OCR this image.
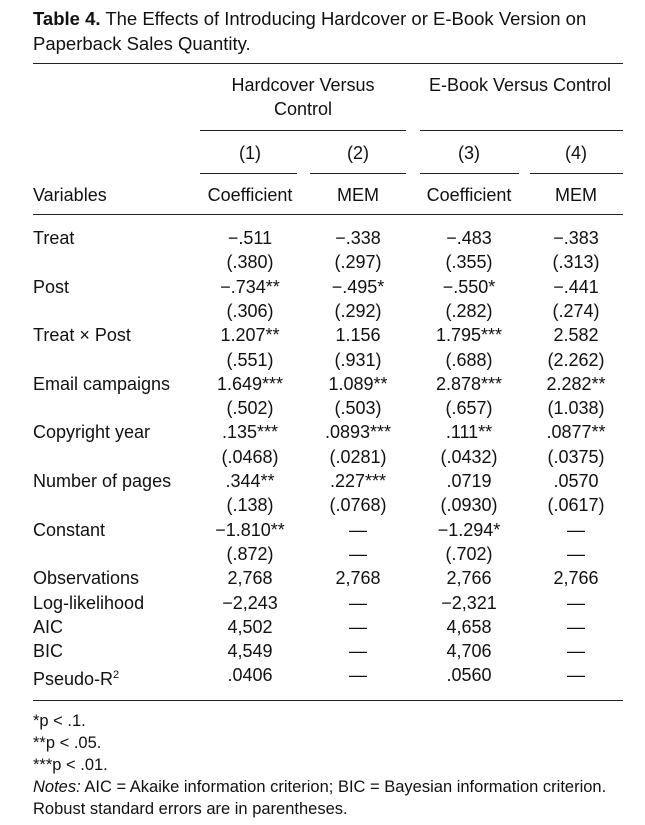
Table 4. The Effects of Introducing Hardcover or E-Book Version on Paperback Sales Quantity.
Hardcover Versus Control
E-Book Versus Control
(1)	(2)	(3)	(4)
Variables	Coefficient	MEM	Coefficient	MEM
Treat	−.511	−.338	−.483	−.383
(.380)	(.297)	(.355)	(.313)
Post	−.734**	−.495*	−.550*	−.441
(.306)	(.292)	(.282)	(.274)
Treat × Post	1.207**	1.156	1.795***	2.582
(.551)	(.931)	(.688)	(2.262)
Email campaigns	1.649***	1.089**	2.878***	2.282**
(.502)	(.503)	(.657)	(1.038)
Copyright year	.135***	.0893***	.111**	.0877**
(.0468)	(.0281)	(.0432)	(.0375)
Number of pages	.344**	.227***	.0719	.0570
(.138)	(.0768)	(.0930)	(.0617)
Constant	−1.810**	—	−1.294*	—
(.872)	—	(.702)	—
Observations	2,768	2,768	2,766	2,766
Log-likelihood	−2,243	—	−2,321	—
AIC	4,502	—	4,658	—
BIC	4,549	—	4,706	—
Pseudo-$R^2$	.0406	—	.0560	—
*p < .1.
**p < .05.
***p < .01.
Notes: AIC = Akaike information criterion; BIC = Bayesian information criterion. Robust standard errors are in parentheses.
